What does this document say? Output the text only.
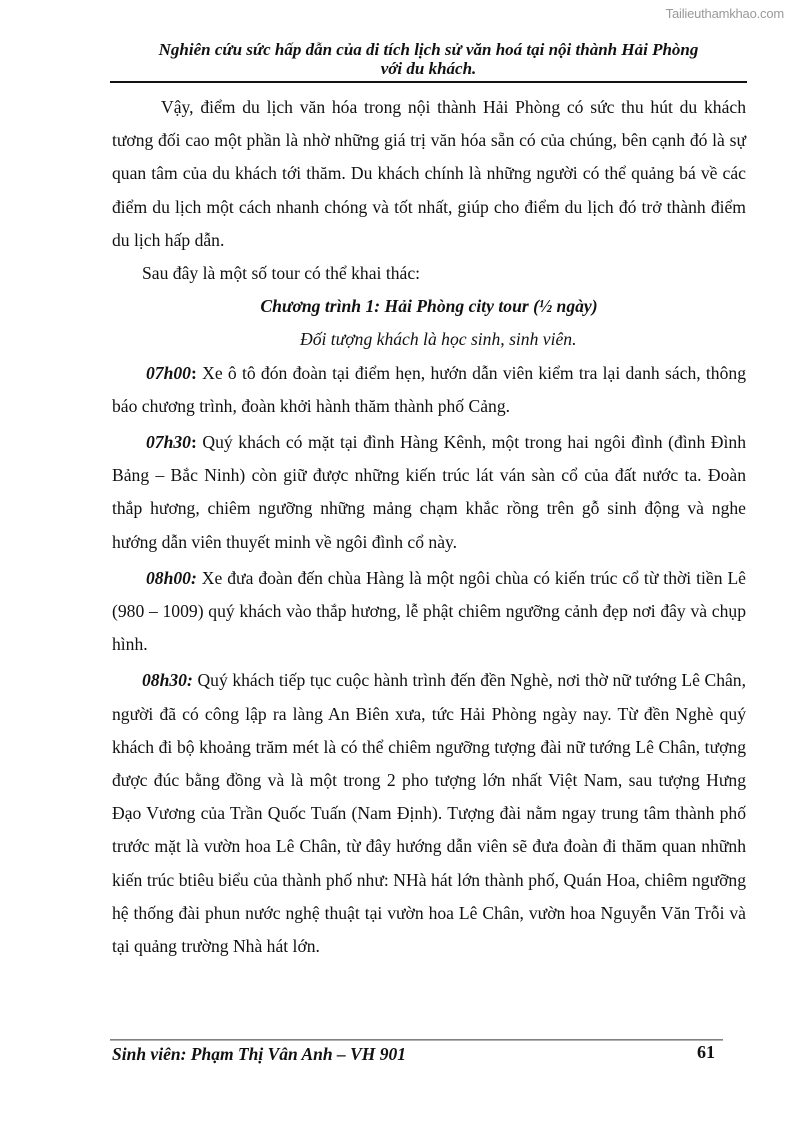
Tailieuthamkhao.com
Nghiên cứu sức hấp dẫn của di tích lịch sử văn hoá tại nội thành Hải Phòng
với du khách.

Vậy, điểm du lịch văn hóa trong nội thành Hải Phòng có sức thu hút du khách tương đối cao một phần là nhờ những giá trị văn hóa sẵn có của chúng, bên cạnh đó là sự quan tâm của du khách tới thăm. Du khách chính là những người có thể quảng bá về các điểm du lịch một cách nhanh chóng và tốt nhất, giúp cho điểm du lịch đó trở thành điểm du lịch hấp dẫn.

Sau đây là một số tour có thể khai thác:

Chương trình 1: Hải Phòng city tour (½ ngày)

Đối tượng khách là học sinh, sinh viên.

07h00: Xe ô tô đón đoàn tại điểm hẹn, hướn dẫn viên kiểm tra lại danh sách, thông báo chương trình, đoàn khởi hành thăm thành phố Cảng.

07h30: Quý khách có mặt tại đình Hàng Kênh, một trong hai ngôi đình (đình Đình Bảng – Bắc Ninh) còn giữ được những kiến trúc lát ván sàn cổ của đất nước ta. Đoàn thắp hương, chiêm ngưỡng những mảng chạm khắc rồng trên gỗ sinh động và nghe hướng dẫn viên thuyết minh về ngôi đình cổ này.

08h00: Xe đưa đoàn đến chùa Hàng là một ngôi chùa có kiến trúc cổ từ thời tiền Lê (980 – 1009) quý khách vào thắp hương, lễ phật chiêm ngưỡng cảnh đẹp nơi đây và chụp hình.

08h30: Quý khách tiếp tục cuộc hành trình đến đền Nghè, nơi thờ nữ tướng Lê Chân, người đã có công lập ra làng An Biên xưa, tức Hải Phòng ngày nay. Từ đền Nghè quý khách đi bộ khoảng trăm mét là có thể chiêm ngưỡng tượng đài nữ tướng Lê Chân, tượng được đúc bằng đồng và là một trong 2 pho tượng lớn nhất Việt Nam, sau tượng Hưng Đạo Vương của Trần Quốc Tuấn (Nam Định). Tượng đài nằm ngay trung tâm thành phố trước mặt là vườn hoa Lê Chân, từ đây hướng dẫn viên sẽ đưa đoàn đi thăm quan nhữnh kiến trúc btiêu biểu của thành phố như: NHà hát lớn thành phố, Quán Hoa, chiêm ngưỡng hệ thống đài phun nước nghệ thuật tại vườn hoa Lê Chân, vườn hoa Nguyễn Văn Trỗi và tại quảng trường Nhà hát lớn.

Sinh viên: Phạm Thị Vân Anh – VH 901	61
